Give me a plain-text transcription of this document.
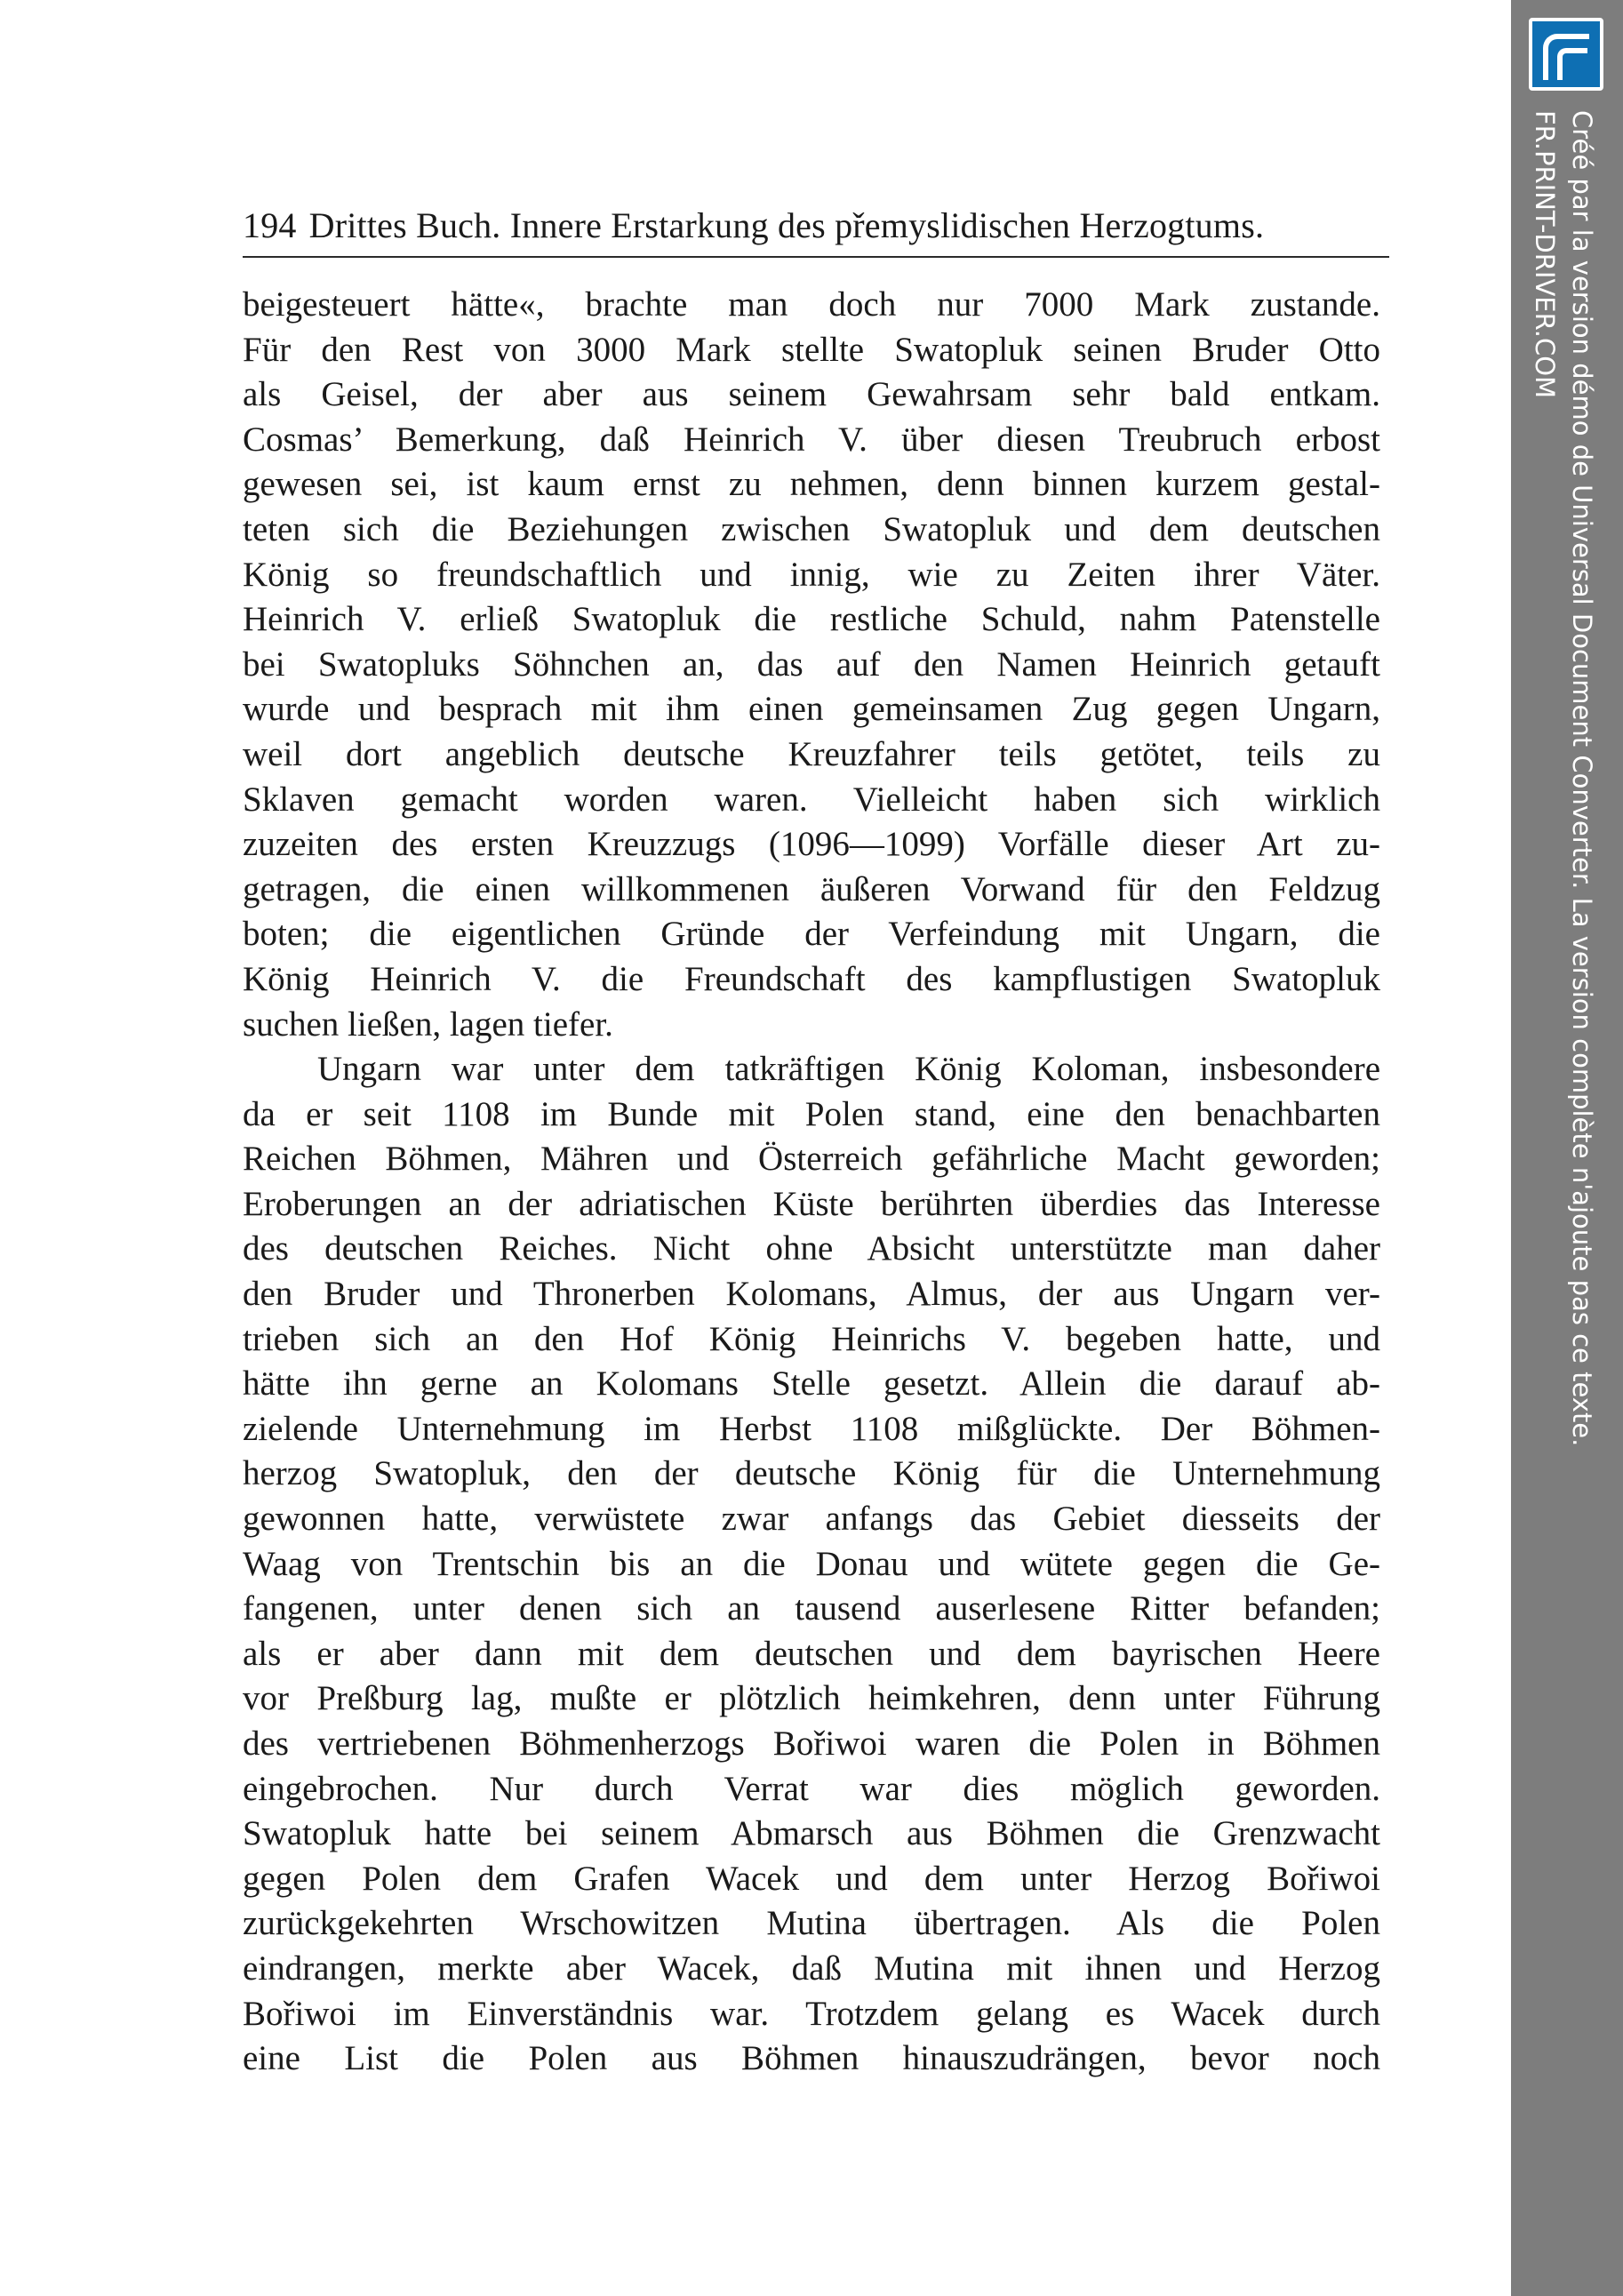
194 Drittes Buch. Innere Erstarkung des přemyslidischen Herzogtums.
beigesteuert hätte«, brachte man doch nur 7000 Mark zustande.
Für den Rest von 3000 Mark stellte Swatopluk seinen Bruder Otto
als Geisel, der aber aus seinem Gewahrsam sehr bald entkam.
Cosmas’ Bemerkung, daß Heinrich V. über diesen Treubruch erbost
gewesen sei, ist kaum ernst zu nehmen, denn binnen kurzem gestal-
teten sich die Beziehungen zwischen Swatopluk und dem deutschen
König so freundschaftlich und innig, wie zu Zeiten ihrer Väter.
Heinrich V. erließ Swatopluk die restliche Schuld, nahm Patenstelle
bei Swatopluks Söhnchen an, das auf den Namen Heinrich getauft
wurde und besprach mit ihm einen gemeinsamen Zug gegen Ungarn,
weil dort angeblich deutsche Kreuzfahrer teils getötet, teils zu
Sklaven gemacht worden waren. Vielleicht haben sich wirklich
zuzeiten des ersten Kreuzzugs (1096—1099) Vorfälle dieser Art zu-
getragen, die einen willkommenen äußeren Vorwand für den Feldzug
boten; die eigentlichen Gründe der Verfeindung mit Ungarn, die
König Heinrich V. die Freundschaft des kampflustigen Swatopluk
suchen ließen, lagen tiefer.
Ungarn war unter dem tatkräftigen König Koloman, insbesondere
da er seit 1108 im Bunde mit Polen stand, eine den benachbarten
Reichen Böhmen, Mähren und Österreich gefährliche Macht geworden;
Eroberungen an der adriatischen Küste berührten überdies das Interesse
des deutschen Reiches. Nicht ohne Absicht unterstützte man daher
den Bruder und Thronerben Kolomans, Almus, der aus Ungarn ver-
trieben sich an den Hof König Heinrichs V. begeben hatte, und
hätte ihn gerne an Kolomans Stelle gesetzt. Allein die darauf ab-
zielende Unternehmung im Herbst 1108 mißglückte. Der Böhmen-
herzog Swatopluk, den der deutsche König für die Unternehmung
gewonnen hatte, verwüstete zwar anfangs das Gebiet diesseits der
Waag von Trentschin bis an die Donau und wütete gegen die Ge-
fangenen, unter denen sich an tausend auserlesene Ritter befanden;
als er aber dann mit dem deutschen und dem bayrischen Heere
vor Preßburg lag, mußte er plötzlich heimkehren, denn unter Führung
des vertriebenen Böhmenherzogs Bořiwoi waren die Polen in Böhmen
eingebrochen. Nur durch Verrat war dies möglich geworden.
Swatopluk hatte bei seinem Abmarsch aus Böhmen die Grenzwacht
gegen Polen dem Grafen Wacek und dem unter Herzog Bořiwoi
zurückgekehrten Wrschowitzen Mutina übertragen. Als die Polen
eindrangen, merkte aber Wacek, daß Mutina mit ihnen und Herzog
Bořiwoi im Einverständnis war. Trotzdem gelang es Wacek durch
eine List die Polen aus Böhmen hinauszudrängen, bevor noch
Créé par la version démo de Universal Document Converter. La version complète n'ajoute pas ce texte.
FR.PRINT-DRIVER.COM
